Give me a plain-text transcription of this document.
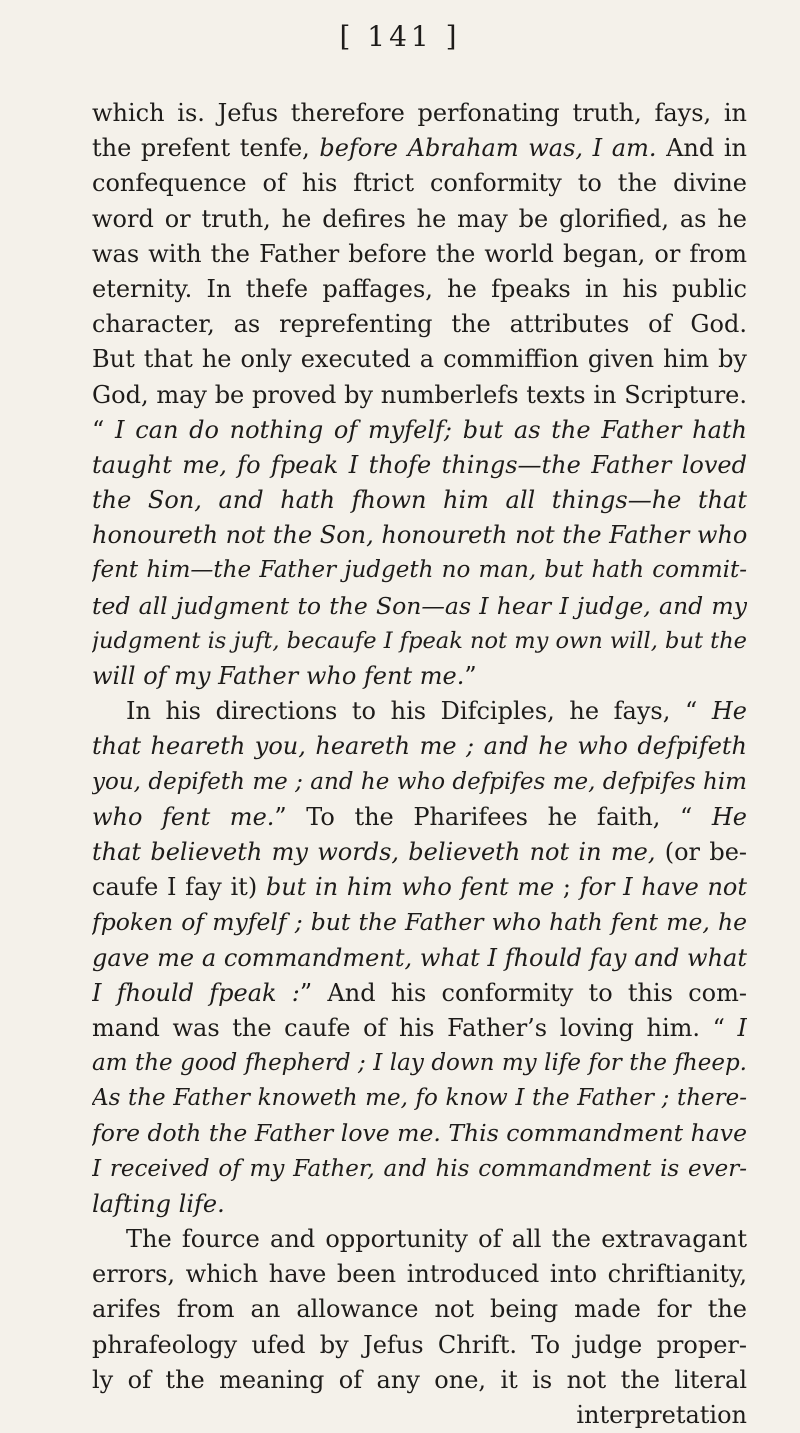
[ 141 ]
which is. Jefus therefore perfonating truth, fays, in
the prefent tenfe, before Abraham was, I am. And in
confequence of his ftrict conformity to the divine
word or truth, he defires he may be glorified, as he
was with the Father before the world began, or from
eternity. In thefe paffages, he fpeaks in his public
character, as reprefenting the attributes of God.
But that he only executed a commiffion given him by
God, may be proved by numberlefs texts in Scripture.
“ I can do nothing of myfelf; but as the Father hath
taught me, fo fpeak I thofe things—the Father loved
the Son, and hath fhown him all things—he that
honoureth not the Son, honoureth not the Father who
fent him—the Father judgeth no man, but hath commit-
ted all judgment to the Son—as I hear I judge, and my
judgment is juft, becaufe I fpeak not my own will, but the
will of my Father who fent me.”
In his directions to his Difciples, he fays, “ He
that heareth you, heareth me ; and he who defpifeth
you, depifeth me ; and he who defpifes me, defpifes him
who fent me.” To the Pharifees he faith, “ He
that believeth my words, believeth not in me, (or be-
caufe I fay it) but in him who fent me ; for I have not
fpoken of myfelf ; but the Father who hath fent me, he
gave me a commandment, what I fhould fay and what
I fhould fpeak :” And his conformity to this com-
mand was the caufe of his Father’s loving him. “ I
am the good fhepherd ; I lay down my life for the fheep.
As the Father knoweth me, fo know I the Father ; there-
fore doth the Father love me. This commandment have
I received of my Father, and his commandment is ever-
lafting life.
The fource and opportunity of all the extravagant
errors, which have been introduced into chriftianity,
arifes from an allowance not being made for the
phrafeology ufed by Jefus Chrift. To judge proper-
ly of the meaning of any one, it is not the literal
interpretation
